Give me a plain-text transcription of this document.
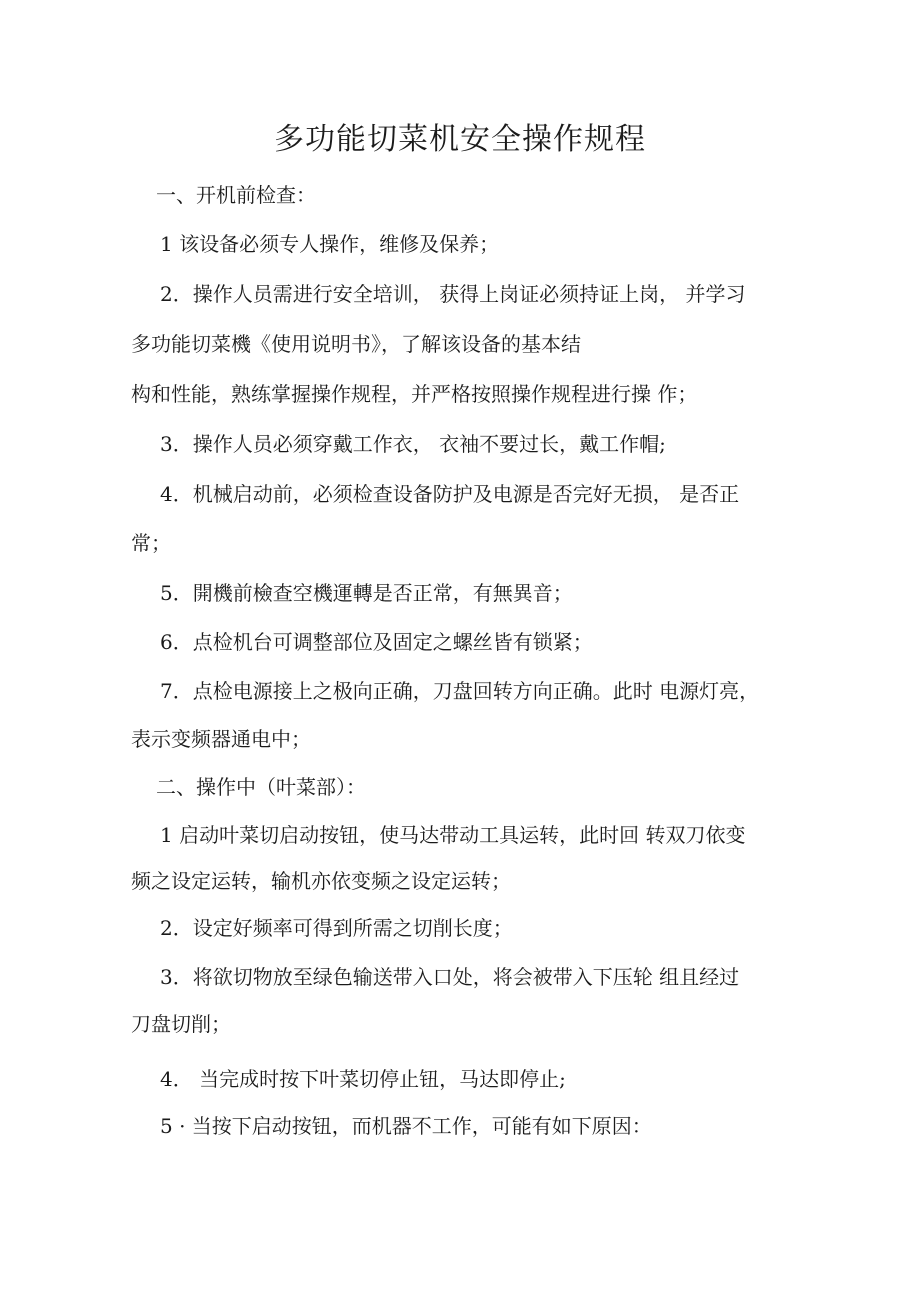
多功能切菜机安全操作规程
一、开机前检查：
1 该设备必须专人操作，维修及保养；
2．操作人员需进行安全培训， 获得上岗证必须持证上岗， 并学习
多功能切菜機《使用说明书》，了解该设备的基本结
构和性能，熟练掌握操作规程，并严格按照操作规程进行操 作；
3．操作人员必须穿戴工作衣， 衣袖不要过长，戴工作帽;
4．机械启动前，必须检查设备防护及电源是否完好无损， 是否正
常；
5．開機前檢查空機運轉是否正常，有無異音；
6．点检机台可调整部位及固定之螺丝皆有锁紧；
7．点检电源接上之极向正确，刀盘回转方向正确。此时 电源灯亮，
表示变频器通电中；
二、操作中（叶菜部）：
1 启动叶菜切启动按钮，使马达带动工具运转，此时回 转双刀依变
频之设定运转，输机亦依变频之设定运转；
2．设定好频率可得到所需之切削长度；
3．将欲切物放至绿色输送带入口处，将会被带入下压轮 组且经过
刀盘切削；
4． 当完成时按下叶菜切停止钮，马达即停止;
5 · 当按下启动按钮，而机器不工作，可能有如下原因：
